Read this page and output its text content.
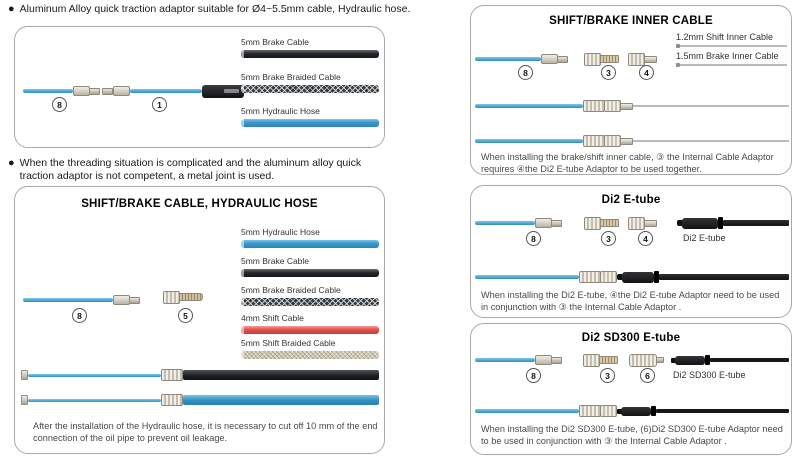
● Aluminum Alloy quick traction adaptor suitable for Ø4~5.5mm cable, Hydraulic hose.
8	1
5mm Brake Cable
5mm Brake Braided Cable
5mm Hydraulic Hose
● When the threading situation is complicated and the aluminum alloy quick traction adaptor is not competent, a metal joint is used.
SHIFT/BRAKE CABLE, HYDRAULIC HOSE
5mm Hydraulic Hose
5mm Brake Cable
5mm Brake Braided Cable
4mm Shift Cable
5mm Shift Braided Cable
8	5
After the installation of the Hydraulic hose, it is necessary to cut off 10 mm of the end connection of the oil pipe to prevent oil leakage.
SHIFT/BRAKE INNER CABLE
8	3	4
1.2mm Shift Inner Cable
1.5mm Brake Inner Cable
When installing the brake/shift inner cable, ③ the Internal Cable Adaptor requires ④the Di2 E-tube Adaptor to be used together.
Di2 E-tube
8	3	4	Di2 E-tube
When installing the Di2 E-tube, ④the Di2 E-tube Adaptor need to be used in conjunction with ③ the Internal Cable Adaptor .
Di2 SD300 E-tube
8	3	6	Di2 SD300 E-tube
When installing the Di2 SD300 E-tube, (6)Di2 SD300 E-tube Adaptor need to be used in conjunction with ③ the Internal Cable Adaptor .
